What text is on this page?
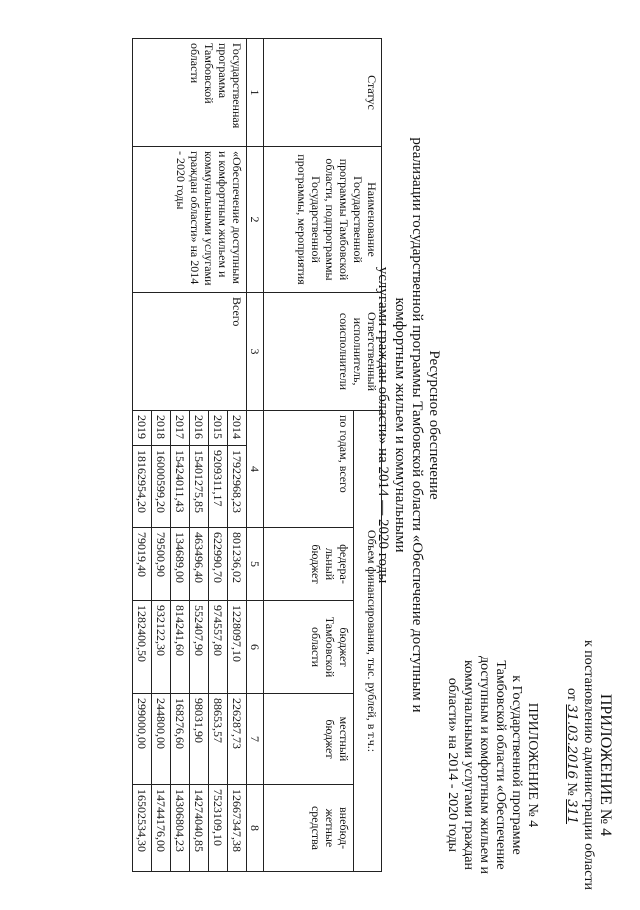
ПРИЛОЖЕНИЕ № 4
к постановлению администрации области
от 31.03.2016 № 311
ПРИЛОЖЕНИЕ № 4
к Государственной программе Тамбовской области «Обеспечение доступным и комфортным жильем и коммунальными услугами граждан области» на 2014 - 2020 годы
Ресурсное обеспечение
реализации государственной программы Тамбовской области «Обеспечение доступным и комфортным жильем и коммунальными
услугами граждан области» на 2014 — 2020 годы
Статус	Наименование Государственной программы Тамбовской области, подпрограммы Государственной программы, мероприятия	Ответственный исполнитель, соисполнители	Объем финансирования, тыс. рублей, в т.ч.:					
			по годам, всего		федера-льный бюджет	бюджет Тамбовской области	местный бюджет	внебюд-жетные средства
1	2	3	4		5	6	7	8
Государственная программа Тамбовской области	«Обеспечение доступным и комфортным жильем и коммунальными услугами граждан области» на 2014 - 2020 годы	Всего	2014	17922968,23	801236,02	1228097,10	226287,73	12667347,38
			2015	9209311,17	622990,70	974557,80	88653,57	7523109,10
			2016	15401275,85	463496,40	552407,90	98031,90	14274040,85
			2017	15424011,43	134689,00	814241,60	168276,60	14306804,23
			2018	16000599,20	79500,90	932122,30	244800,00	14744176,00
			2019	18162954,20	79019,40	1282400,50	299000,00	16502534,30
